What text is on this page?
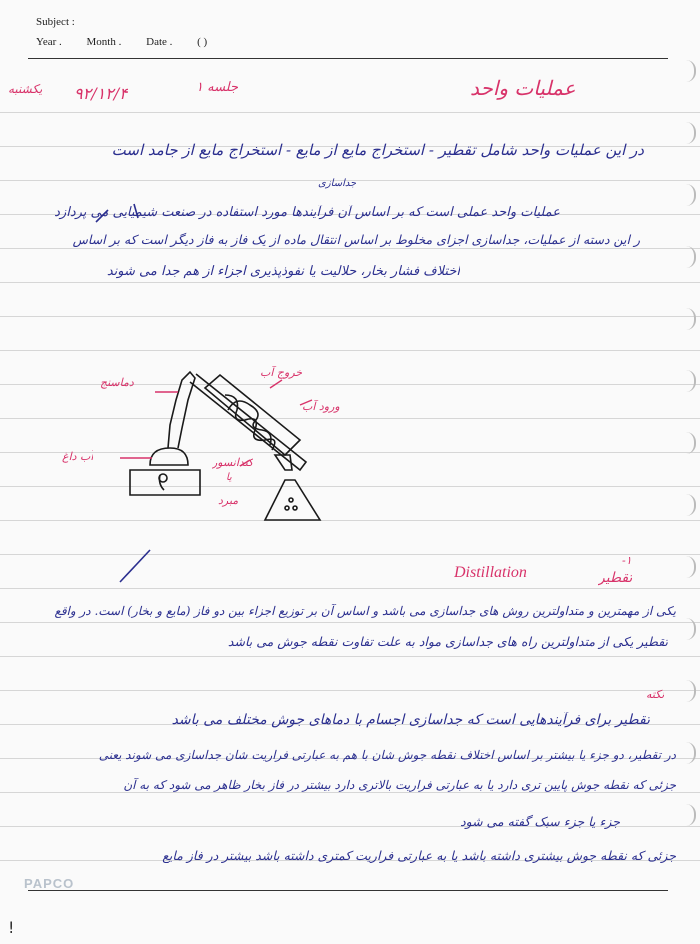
Subject :
Year . Month . Date . ( )
یکشنبه ۹۲/۱۲/۴	جلسه ۱	عملیات واحد
در این عملیات واحد شامل تقطیر - استخراج مایع از مایع - استخراج مایع از جامد است
جداسازی
عملیات واحد عملی است که بر اساس آن فرآیندها مورد استفاده در صنعت شیمیایی می پردازد
ر این دسته از عملیات، جداسازی اجزای مخلوط بر اساس انتقال ماده از یک فاز به فاز دیگر است که بر اساس
اختلاف فشار بخار، حلالیت یا نفوذپذیری اجزاء از هم جدا می شوند
دماسنج
خروج آب
ورود آب
آب داغ	کندانسور
یا
مبرد
۱-
تقطیر
Distillation
یکی از مهمترین و متداولترین روش های جداسازی می باشد و اساس آن بر توزیع اجزاء بین دو فاز (مایع و بخار) است. در واقع
تقطیر یکی از متداولترین راه های جداسازی مواد به علت تفاوت نقطه جوش می باشد
نکته
تقطیر برای فرآیندهایی است که جداسازی اجسام با دماهای جوش مختلف می باشد
در تقطیر، دو جزء یا بیشتر بر اساس اختلاف نقطه جوش شان با هم به عبارتی فراریت شان جداسازی می شوند یعنی
جزئی که نقطه جوش پایین تری دارد یا به عبارتی فراریت بالاتری دارد بیشتر در فاز بخار ظاهر می شود که به آن
جزء یا جزء سبک گفته می شود
جزئی که نقطه جوش بیشتری داشته باشد یا به عبارتی فراریت کمتری داشته باشد بیشتر در فاز مایع
PAPCO
!
